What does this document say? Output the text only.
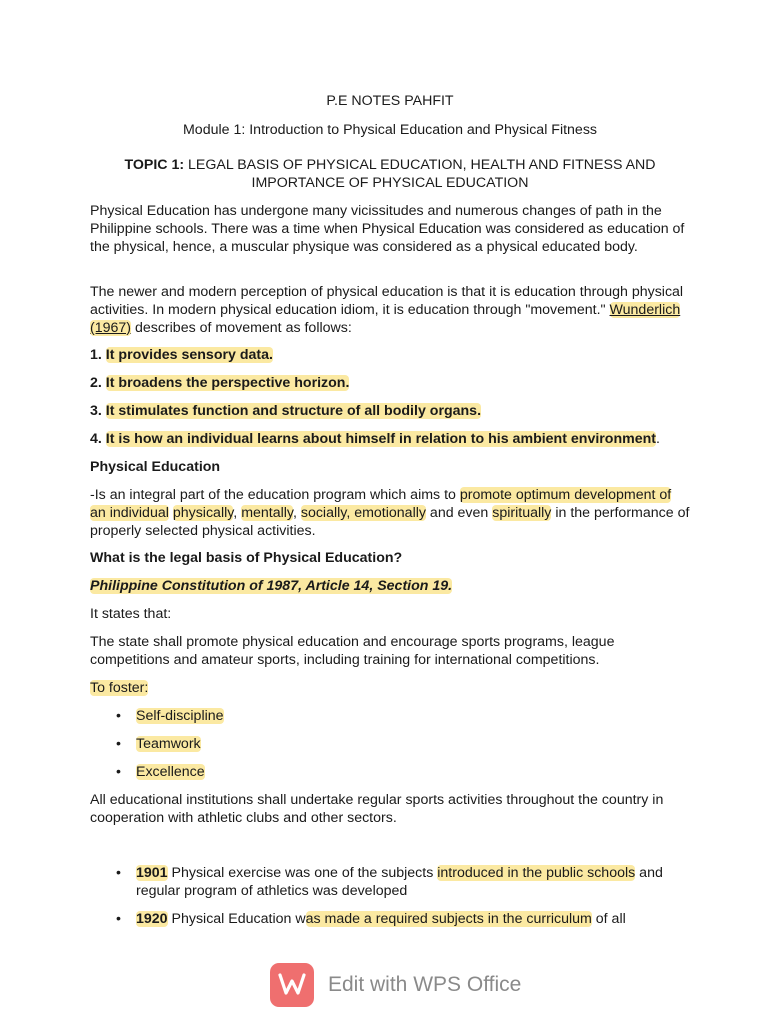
P.E NOTES PAHFIT

Module 1: Introduction to Physical Education and Physical Fitness

TOPIC 1: LEGAL BASIS OF PHYSICAL EDUCATION, HEALTH AND FITNESS AND

IMPORTANCE OF PHYSICAL EDUCATION

Physical Education has undergone many vicissitudes and numerous changes of path in the Philippine schools. There was a time when Physical Education was considered as education of the physical, hence, a muscular physique was considered as a physical educated body.

The newer and modern perception of physical education is that it is education through physical activities. In modern physical education idiom, it is education through "movement." Wunderlich (1967) describes of movement as follows:

1. It provides sensory data.

2. It broadens the perspective horizon.

3. It stimulates function and structure of all bodily organs.

4. It is how an individual learns about himself in relation to his ambient environment.

Physical Education

-Is an integral part of the education program which aims to promote optimum development of an individual physically, mentally, socially, emotionally and even spiritually in the performance of properly selected physical activities.

What is the legal basis of Physical Education?

Philippine Constitution of 1987, Article 14, Section 19.

It states that:

The state shall promote physical education and encourage sports programs, league competitions and amateur sports, including training for international competitions.

To foster:

• Self-discipline
• Teamwork
• Excellence

All educational institutions shall undertake regular sports activities throughout the country in cooperation with athletic clubs and other sectors.

• 1901 Physical exercise was one of the subjects introduced in the public schools and regular program of athletics was developed
• 1920 Physical Education was made a required subjects in the curriculum of all
Edit with WPS Office
